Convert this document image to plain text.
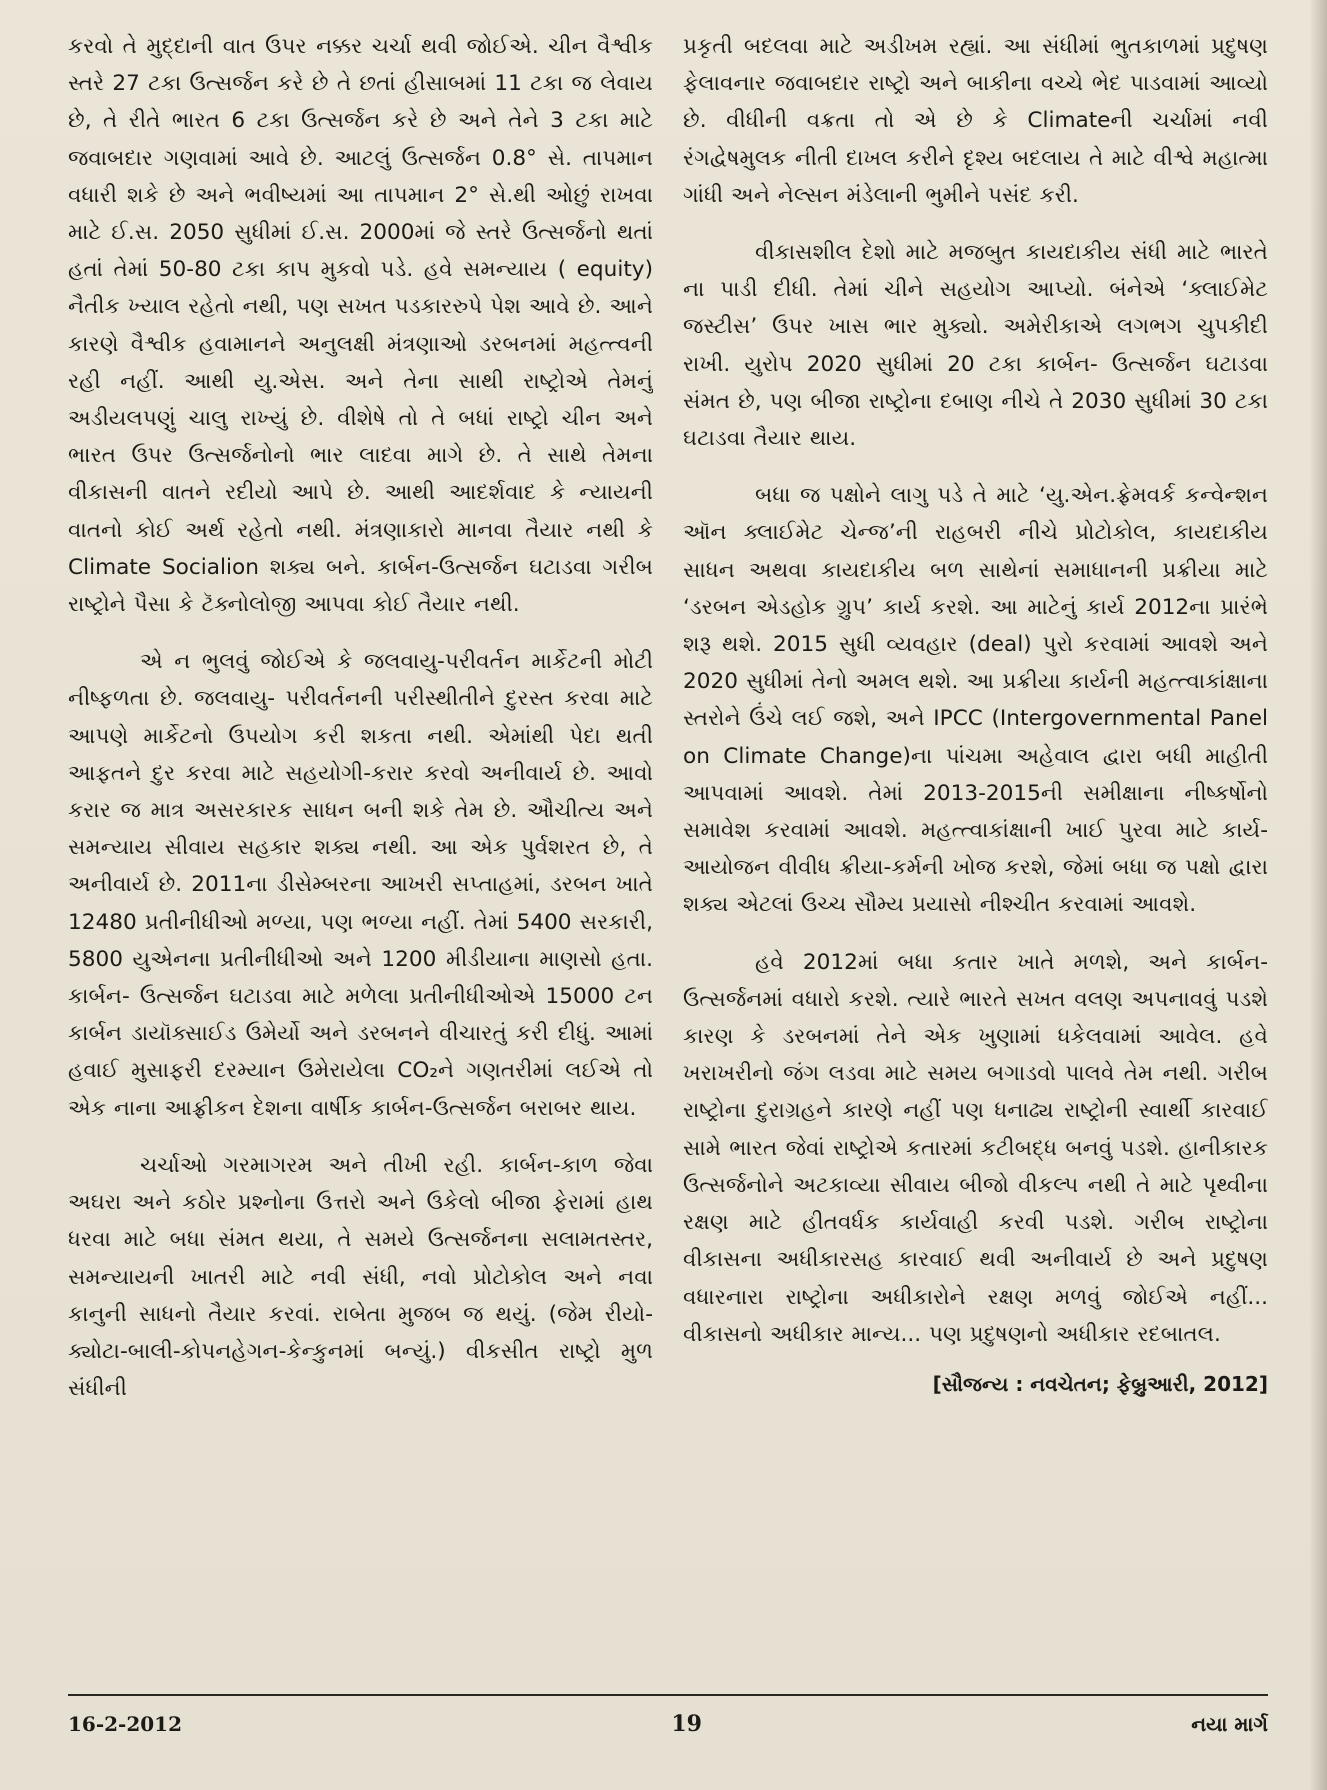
કરવો તે મુદ્દાની વાત ઉપર નક્કર ચર્ચા થવી જોઈએ. ચીન વૈશ્વીક સ્તરે 27 ટકા ઉત્સર્જન કરે છે તે છતાં હીસાબમાં 11 ટકા જ લેવાય છે, તે રીતે ભારત 6 ટકા ઉત્સર્જન કરે છે અને તેને 3 ટકા માટે જવાબદાર ગણવામાં આવે છે. આટલું ઉત્સર્જન 0.8° સે. તાપમાન વધારી શકે છે અને ભવીષ્યમાં આ તાપમાન 2° સે.થી ઓછું રાખવા માટે ઈ.સ. 2050 સુધીમાં ઈ.સ. 2000માં જે સ્તરે ઉત્સર્જનો થતાં હતાં તેમાં 50-80 ટકા કાપ મુકવો પડે. હવે સમન્યાય ( equity) નૈતીક ખ્યાલ રહેતો નથી, પણ સખત પડકારરુપે પેશ આવે છે. આને કારણે વૈશ્વીક હવામાનને અનુલક્ષી મંત્રણાઓ ડરબનમાં મહત્ત્વની રહી નહીં. આથી યુ.એસ. અને તેના સાથી રાષ્ટ્રોએ તેમનું અડીયલપણું ચાલુ રાખ્યું છે. વીશેષે તો તે બધાં રાષ્ટ્રો ચીન અને ભારત ઉપર ઉત્સર્જનોનો ભાર લાદવા માગે છે. તે સાથે તેમના વીકાસની વાતને રદીયો આપે છે. આથી આદર્શવાદ કે ન્યાયની વાતનો કોઈ અર્થ રહેતો નથી. મંત્રણાકારો માનવા તૈયાર નથી કે Climate Socialion શક્ય બને. કાર્બન-ઉત્સર્જન ઘટાડવા ગરીબ રાષ્ટ્રોને પૈસા કે ટૅક્નોલોજી આપવા કોઈ તૈયાર નથી.

એ ન ભુલવું જોઈએ કે જલવાયુ-પરીવર્તન માર્કેટની મોટી નીષ્ફળતા છે. જલવાયુ- પરીવર્તનની પરીસ્થીતીને દુરસ્ત કરવા માટે આપણે માર્કેટનો ઉપયોગ કરી શકતા નથી. એમાંથી પેદા થતી આફતને દુર કરવા માટે સહયોગી-કરાર કરવો અનીવાર્ય છે. આવો કરાર જ માત્ર અસરકારક સાધન બની શકે તેમ છે. ઔચીત્ય અને સમન્યાય સીવાય સહકાર શક્ય નથી. આ એક પુર્વશરત છે, તે અનીવાર્ય છે. 2011ના ડીસેમ્બરના આખરી સપ્તાહમાં, ડરબન ખાતે 12480 પ્રતીનીધીઓ મળ્યા, પણ ભળ્યા નહીં. તેમાં 5400 સરકારી, 5800 યુએનના પ્રતીનીધીઓ અને 1200 મીડીયાના માણસો હતા. કાર્બન- ઉત્સર્જન ઘટાડવા માટે મળેલા પ્રતીનીધીઓએ 15000 ટન કાર્બન ડાયૉક્સાઈડ ઉમેર્યો અને ડરબનને વીચારતું કરી દીધું. આમાં હવાઈ મુસાફરી દરમ્યાન ઉમેરાયેલા CO₂ને ગણતરીમાં લઈએ તો એક નાના આફ્રીકન દેશના વાર્ષીક કાર્બન-ઉત્સર્જન બરાબર થાય.

ચર્ચાઓ ગરમાગરમ અને તીખી રહી. કાર્બન-કાળ જેવા અઘરા અને કઠોર પ્રશ્નોના ઉત્તરો અને ઉકેલો બીજા ફેરામાં હાથ ધરવા માટે બધા સંમત થયા, તે સમયે ઉત્સર્જનના સલામતસ્તર, સમન્યાયની ખાતરી માટે નવી સંધી, નવો પ્રોટોકોલ અને નવા કાનુની સાધનો તૈયાર કરવાં. રાબેતા મુજબ જ થયું. (જેમ રીયો-ક્યોટા-બાલી-કોપનહેગન-કેન્કુનમાં બન્યું.) વીકસીત રાષ્ટ્રો મુળ સંધીની

પ્રકૃતી બદલવા માટે અડીખમ રહ્યાં. આ સંધીમાં ભુતકાળમાં પ્રદુષણ ફેલાવનાર જવાબદાર રાષ્ટ્રો અને બાકીના વચ્ચે ભેદ પાડવામાં આવ્યો છે. વીધીની વક્રતા તો એ છે કે Climateની ચર્ચામાં નવી રંગદ્વેષમુલક નીતી દાખલ કરીને દૃશ્ય બદલાય તે માટે વીશ્વે મહાત્મા ગાંધી અને નેલ્સન મંડેલાની ભુમીને પસંદ કરી.

વીકાસશીલ દેશો માટે મજબુત કાયદાકીય સંધી માટે ભારતે ના પાડી દીધી. તેમાં ચીને સહયોગ આપ્યો. બંનેએ ‘ક્લાઈમેટ જસ્ટીસ’ ઉપર ખાસ ભાર મુક્યો. અમેરીકાએ લગભગ ચુપકીદી રાખી. યુરોપ 2020 સુધીમાં 20 ટકા કાર્બન- ઉત્સર્જન ઘટાડવા સંમત છે, પણ બીજા રાષ્ટ્રોના દબાણ નીચે તે 2030 સુધીમાં 30 ટકા ઘટાડવા તૈયાર થાય.

બધા જ પક્ષોને લાગુ પડે તે માટે ‘યુ.એન.ફ્રેમવર્ક કન્વેન્શન ઑન ક્લાઈમેટ ચેન્જ’ની રાહબરી નીચે પ્રોટોકોલ, કાયદાકીય સાધન અથવા કાયદાકીય બળ સાથેનાં સમાધાનની પ્રક્રીયા માટે ‘ડરબન એડહોક ગ્રુપ’ કાર્ય કરશે. આ માટેનું કાર્ય 2012ના પ્રારંભે શરૂ થશે. 2015 સુધી વ્યવહાર (deal) પુરો કરવામાં આવશે અને 2020 સુધીમાં તેનો અમલ થશે. આ પ્રક્રીયા કાર્યની મહત્ત્વાકાંક્ષાના સ્તરોને ઉંચે લઈ જશે, અને IPCC (Intergovernmental Panel on Climate Change)ના પાંચમા અહેવાલ દ્વારા બધી માહીતી આપવામાં આવશે. તેમાં 2013-2015ની સમીક્ષાના નીષ્કર્ષોનો સમાવેશ કરવામાં આવશે. મહત્ત્વાકાંક્ષાની ખાઈ પુરવા માટે કાર્ય-આયોજન વીવીધ ક્રીયા-કર્મની ખોજ કરશે, જેમાં બધા જ પક્ષો દ્વારા શક્ય એટલાં ઉચ્ચ સૌમ્ય પ્રયાસો નીશ્ચીત કરવામાં આવશે.

હવે 2012માં બધા કતાર ખાતે મળશે, અને કાર્બન-ઉત્સર્જનમાં વધારો કરશે. ત્યારે ભારતે સખત વલણ અપનાવવું પડશે કારણ કે ડરબનમાં તેને એક ખુણામાં ધકેલવામાં આવેલ. હવે ખરાખરીનો જંગ લડવા માટે સમય બગાડવો પાલવે તેમ નથી. ગરીબ રાષ્ટ્રોના દુરાગ્રહને કારણે નહીં પણ ધનાઢ્ય રાષ્ટ્રોની સ્વાર્થી કારવાઈ સામે ભારત જેવાં રાષ્ટ્રોએ કતારમાં કટીબદ્ધ બનવું પડશે. હાનીકારક ઉત્સર્જનોને અટકાવ્યા સીવાય બીજો વીકલ્પ નથી તે માટે પૃથ્વીના રક્ષણ માટે હીતવર્ધક કાર્યવાહી કરવી પડશે. ગરીબ રાષ્ટ્રોના વીકાસના અધીકારસહ કારવાઈ થવી અનીવાર્ય છે અને પ્રદુષણ વધારનારા રાષ્ટ્રોના અધીકારોને રક્ષણ મળવું જોઈએ નહીં... વીકાસનો અધીકાર માન્ય... પણ પ્રદુષણનો અધીકાર રદબાતલ.

[સૌજન્ય : નવચેતન; ફેબ્રુઆરી, 2012]
16-2-2012	19	નયા માર્ગ
